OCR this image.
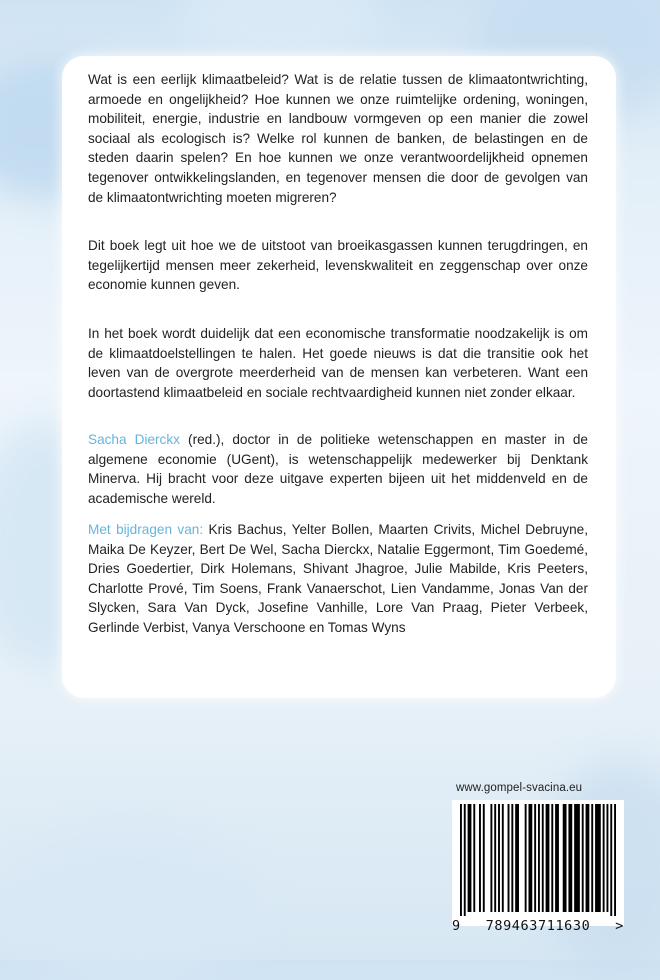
Wat is een eerlijk klimaatbeleid? Wat is de relatie tussen de klimaatontwrichting, armoede en ongelijkheid? Hoe kunnen we onze ruimtelijke ordening, woningen, mobiliteit, energie, industrie en landbouw vormgeven op een manier die zowel sociaal als ecologisch is? Welke rol kunnen de banken, de belastingen en de steden daarin spelen? En hoe kunnen we onze verantwoordelijkheid opnemen tegenover ontwikkelingslanden, en tegenover mensen die door de gevolgen van de klimaatontwrichting moeten migreren?

Dit boek legt uit hoe we de uitstoot van broeikasgassen kunnen terugdringen, en tegelijkertijd mensen meer zekerheid, levenskwaliteit en zeggenschap over onze economie kunnen geven.

In het boek wordt duidelijk dat een economische transformatie noodzakelijk is om de klimaatdoelstellingen te halen. Het goede nieuws is dat die transitie ook het leven van de overgrote meerderheid van de mensen kan verbeteren. Want een doortastend klimaatbeleid en sociale rechtvaardigheid kunnen niet zonder elkaar.

Sacha Dierckx (red.), doctor in de politieke wetenschappen en master in de algemene economie (UGent), is wetenschappelijk medewerker bij Denktank Minerva. Hij bracht voor deze uitgave experten bijeen uit het middenveld en de academische wereld.

Met bijdragen van: Kris Bachus, Yelter Bollen, Maarten Crivits, Michel Debruyne, Maika De Keyzer, Bert De Wel, Sacha Dierckx, Natalie Eggermont, Tim Goedemé, Dries Goedertier, Dirk Holemans, Shivant Jhagroe, Julie Mabilde, Kris Peeters, Charlotte Prové, Tim Soens, Frank Vanaerschot, Lien Vandamme, Jonas Van der Slycken, Sara Van Dyck, Josefine Vanhille, Lore Van Praag, Pieter Verbeek, Gerlinde Verbist, Vanya Verschoone en Tomas Wyns

www.gompel-svacina.eu
9	789463711630	>
